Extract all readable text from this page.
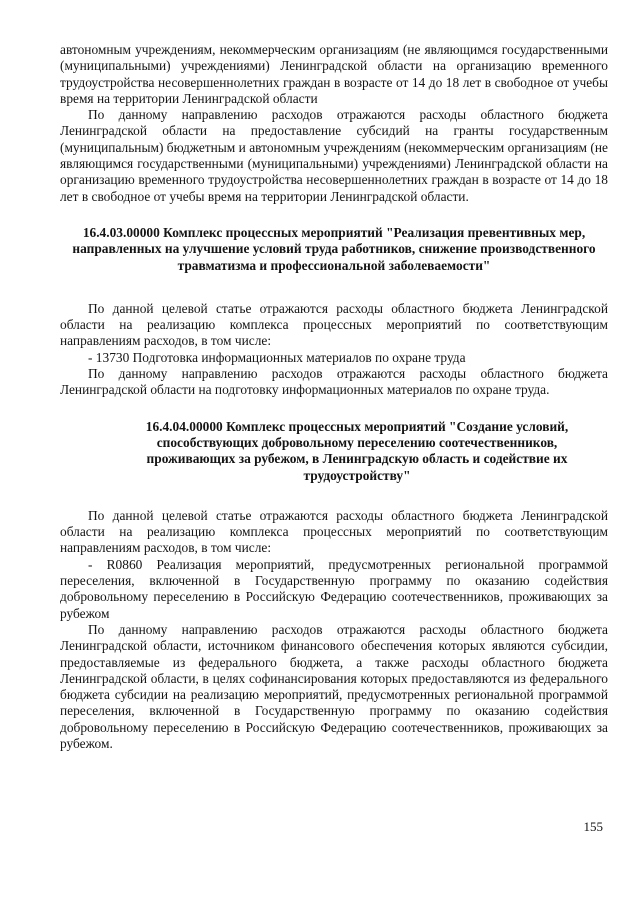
автономным учреждениям, некоммерческим организациям (не являющимся государственными (муниципальными) учреждениями) Ленинградской области на организацию временного трудоустройства несовершеннолетних граждан в возрасте от 14 до 18 лет в свободное от учебы время на территории Ленинградской области

По данному направлению расходов отражаются расходы областного бюджета Ленинградской области на предоставление субсидий на гранты государственным (муниципальным) бюджетным и автономным учреждениям (некоммерческим организациям (не являющимся государственными (муниципальными) учреждениями) Ленинградской области на организацию временного трудоустройства несовершеннолетних граждан в возрасте от 14 до 18 лет в свободное от учебы время на территории Ленинградской области.

16.4.03.00000 Комплекс процессных мероприятий "Реализация превентивных мер, направленных на улучшение условий труда работников, снижение производственного травматизма и профессиональной заболеваемости"

По данной целевой статье отражаются расходы областного бюджета Ленинградской области на реализацию комплекса процессных мероприятий по соответствующим направлениям расходов, в том числе:

- 13730 Подготовка информационных материалов по охране труда

По данному направлению расходов отражаются расходы областного бюджета Ленинградской области на подготовку информационных материалов по охране труда.

16.4.04.00000 Комплекс процессных мероприятий "Создание условий, способствующих добровольному переселению соотечественников, проживающих за рубежом, в Ленинградскую область и содействие их трудоустройству"

По данной целевой статье отражаются расходы областного бюджета Ленинградской области на реализацию комплекса процессных мероприятий по соответствующим направлениям расходов, в том числе:

- R0860 Реализация мероприятий, предусмотренных региональной программой переселения, включенной в Государственную программу по оказанию содействия добровольному переселению в Российскую Федерацию соотечественников, проживающих за рубежом

По данному направлению расходов отражаются расходы областного бюджета Ленинградской области, источником финансового обеспечения которых являются субсидии, предоставляемые из федерального бюджета, а также расходы областного бюджета Ленинградской области, в целях софинансирования которых предоставляются из федерального бюджета субсидии на реализацию мероприятий, предусмотренных региональной программой переселения, включенной в Государственную программу по оказанию содействия добровольному переселению в Российскую Федерацию соотечественников, проживающих за рубежом.

155
